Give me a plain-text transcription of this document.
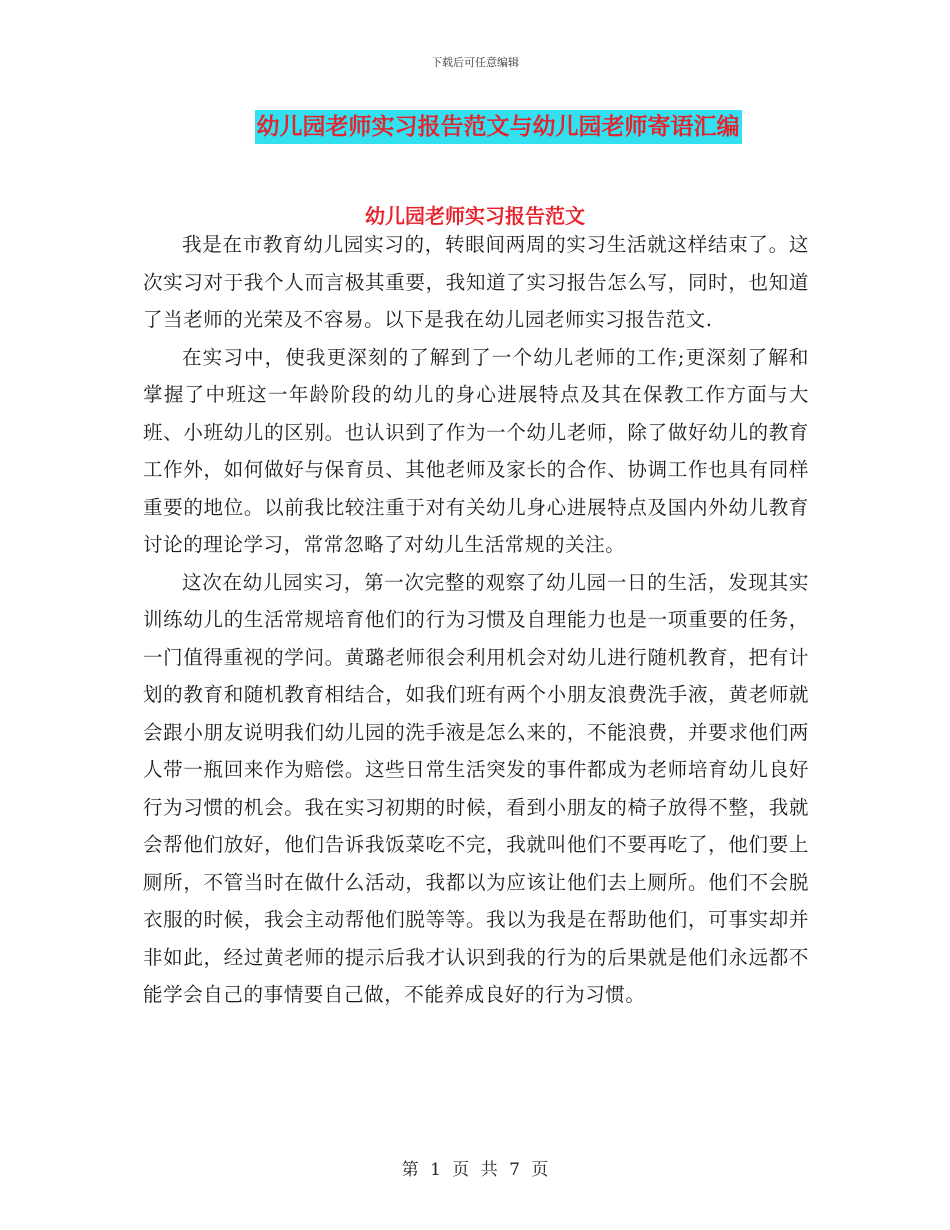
下载后可任意编辑
幼儿园老师实习报告范文与幼儿园老师寄语汇编
幼儿园老师实习报告范文

我是在市教育幼儿园实习的，转眼间两周的实习生活就这样结束了。这次实习对于我个人而言极其重要，我知道了实习报告怎么写，同时，也知道了当老师的光荣及不容易。以下是我在幼儿园老师实习报告范文.

在实习中，使我更深刻的了解到了一个幼儿老师的工作;更深刻了解和掌握了中班这一年龄阶段的幼儿的身心进展特点及其在保教工作方面与大班、小班幼儿的区别。也认识到了作为一个幼儿老师，除了做好幼儿的教育工作外，如何做好与保育员、其他老师及家长的合作、协调工作也具有同样重要的地位。以前我比较注重于对有关幼儿身心进展特点及国内外幼儿教育讨论的理论学习，常常忽略了对幼儿生活常规的关注。

这次在幼儿园实习，第一次完整的观察了幼儿园一日的生活，发现其实训练幼儿的生活常规培育他们的行为习惯及自理能力也是一项重要的任务，一门值得重视的学问。黄璐老师很会利用机会对幼儿进行随机教育，把有计划的教育和随机教育相结合，如我们班有两个小朋友浪费洗手液，黄老师就会跟小朋友说明我们幼儿园的洗手液是怎么来的，不能浪费，并要求他们两人带一瓶回来作为赔偿。这些日常生活突发的事件都成为老师培育幼儿良好行为习惯的机会。我在实习初期的时候，看到小朋友的椅子放得不整，我就会帮他们放好，他们告诉我饭菜吃不完，我就叫他们不要再吃了，他们要上厕所，不管当时在做什么活动，我都以为应该让他们去上厕所。他们不会脱衣服的时候，我会主动帮他们脱等等。我以为我是在帮助他们，可事实却并非如此，经过黄老师的提示后我才认识到我的行为的后果就是他们永远都不能学会自己的事情要自己做，不能养成良好的行为习惯。

第 1 页 共 7 页
